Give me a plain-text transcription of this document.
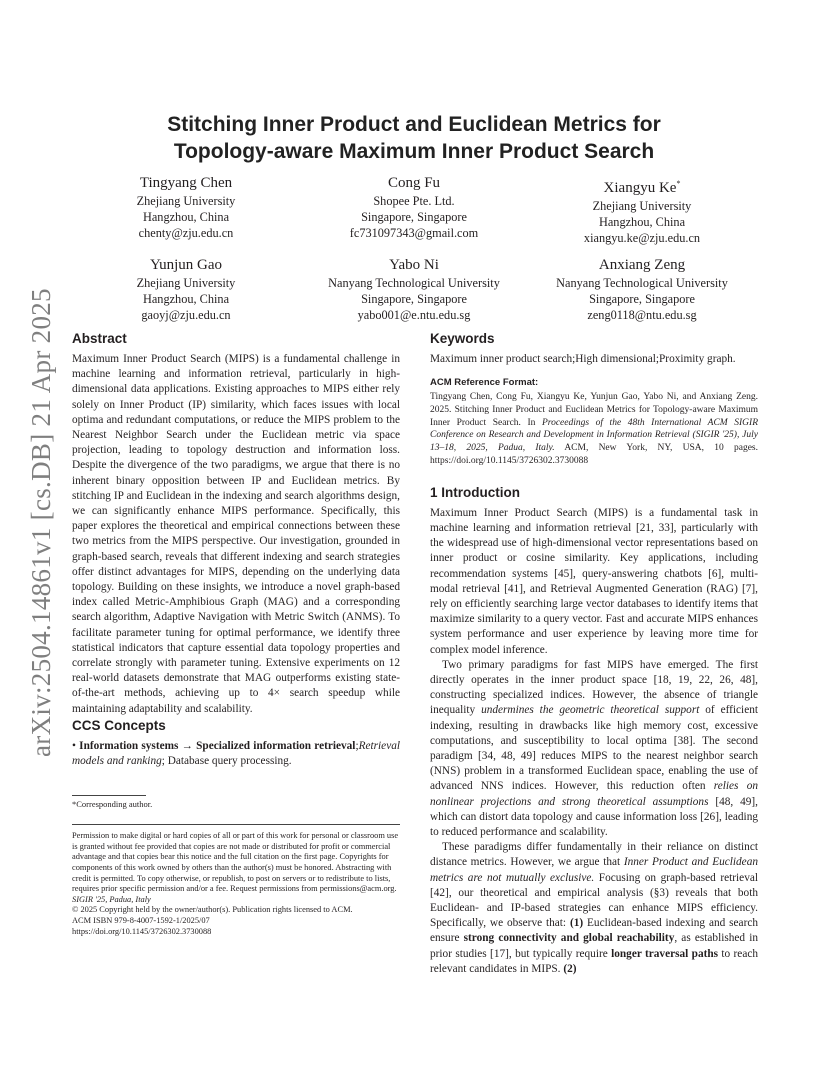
arXiv:2504.14861v1 [cs.DB] 21 Apr 2025
Stitching Inner Product and Euclidean Metrics for
Topology-aware Maximum Inner Product Search
Tingyang Chen
Zhejiang University
Hangzhou, China
chenty@zju.edu.cn
Cong Fu
Shopee Pte. Ltd.
Singapore, Singapore
fc731097343@gmail.com
Xiangyu Ke*
Zhejiang University
Hangzhou, China
xiangyu.ke@zju.edu.cn
Yunjun Gao
Zhejiang University
Hangzhou, China
gaoyj@zju.edu.cn
Yabo Ni
Nanyang Technological University
Singapore, Singapore
yabo001@e.ntu.edu.sg
Anxiang Zeng
Nanyang Technological University
Singapore, Singapore
zeng0118@ntu.edu.sg
Abstract

Maximum Inner Product Search (MIPS) is a fundamental challenge in machine learning and information retrieval, particularly in high-dimensional data applications. Existing approaches to MIPS either rely solely on Inner Product (IP) similarity, which faces issues with local optima and redundant computations, or reduce the MIPS problem to the Nearest Neighbor Search under the Euclidean metric via space projection, leading to topology destruction and information loss. Despite the divergence of the two paradigms, we argue that there is no inherent binary opposition between IP and Euclidean metrics. By stitching IP and Euclidean in the indexing and search algorithms design, we can significantly enhance MIPS performance. Specifically, this paper explores the theoretical and empirical connections between these two metrics from the MIPS perspective. Our investigation, grounded in graph-based search, reveals that different indexing and search strategies offer distinct advantages for MIPS, depending on the underlying data topology. Building on these insights, we introduce a novel graph-based index called Metric-Amphibious Graph (MAG) and a corresponding search algorithm, Adaptive Navigation with Metric Switch (ANMS). To facilitate parameter tuning for optimal performance, we identify three statistical indicators that capture essential data topology properties and correlate strongly with parameter tuning. Extensive experiments on 12 real-world datasets demonstrate that MAG outperforms existing state-of-the-art methods, achieving up to 4× search speedup while maintaining adaptability and scalability.

CCS Concepts

• Information systems → Specialized information retrieval;Retrieval models and ranking; Database query processing.

*Corresponding author.
Permission to make digital or hard copies of all or part of this work for personal or classroom use is granted without fee provided that copies are not made or distributed for profit or commercial advantage and that copies bear this notice and the full citation on the first page. Copyrights for components of this work owned by others than the author(s) must be honored. Abstracting with credit is permitted. To copy otherwise, or republish, to post on servers or to redistribute to lists, requires prior specific permission and/or a fee. Request permissions from permissions@acm.org.
SIGIR '25, Padua, Italy
© 2025 Copyright held by the owner/author(s). Publication rights licensed to ACM.
ACM ISBN 979-8-4007-1592-1/2025/07
https://doi.org/10.1145/3726302.3730088
Keywords
Maximum inner product search;High dimensional;Proximity graph.
ACM Reference Format:
Tingyang Chen, Cong Fu, Xiangyu Ke, Yunjun Gao, Yabo Ni, and Anxiang Zeng. 2025. Stitching Inner Product and Euclidean Metrics for Topology-aware Maximum Inner Product Search. In Proceedings of the 48th International ACM SIGIR Conference on Research and Development in Information Retrieval (SIGIR '25), July 13–18, 2025, Padua, Italy. ACM, New York, NY, USA, 10 pages. https://doi.org/10.1145/3726302.3730088
1 Introduction

Maximum Inner Product Search (MIPS) is a fundamental task in machine learning and information retrieval [21, 33], particularly with the widespread use of high-dimensional vector representations based on inner product or cosine similarity. Key applications, including recommendation systems [45], query-answering chatbots [6], multi-modal retrieval [41], and Retrieval Augmented Generation (RAG) [7], rely on efficiently searching large vector databases to identify items that maximize similarity to a query vector. Fast and accurate MIPS enhances system performance and user experience by leaving more time for complex model inference.

Two primary paradigms for fast MIPS have emerged. The first directly operates in the inner product space [18, 19, 22, 26, 48], constructing specialized indices. However, the absence of triangle inequality undermines the geometric theoretical support of efficient indexing, resulting in drawbacks like high memory cost, excessive computations, and susceptibility to local optima [38]. The second paradigm [34, 48, 49] reduces MIPS to the nearest neighbor search (NNS) problem in a transformed Euclidean space, enabling the use of advanced NNS indices. However, this reduction often relies on nonlinear projections and strong theoretical assumptions [48, 49], which can distort data topology and cause information loss [26], leading to reduced performance and scalability.

These paradigms differ fundamentally in their reliance on distinct distance metrics. However, we argue that Inner Product and Euclidean metrics are not mutually exclusive. Focusing on graph-based retrieval [42], our theoretical and empirical analysis (§3) reveals that both Euclidean- and IP-based strategies can enhance MIPS efficiency. Specifically, we observe that: (1) Euclidean-based indexing and search ensure strong connectivity and global reachability, as established in prior studies [17], but typically require longer traversal paths to reach relevant candidates in MIPS. (2)
